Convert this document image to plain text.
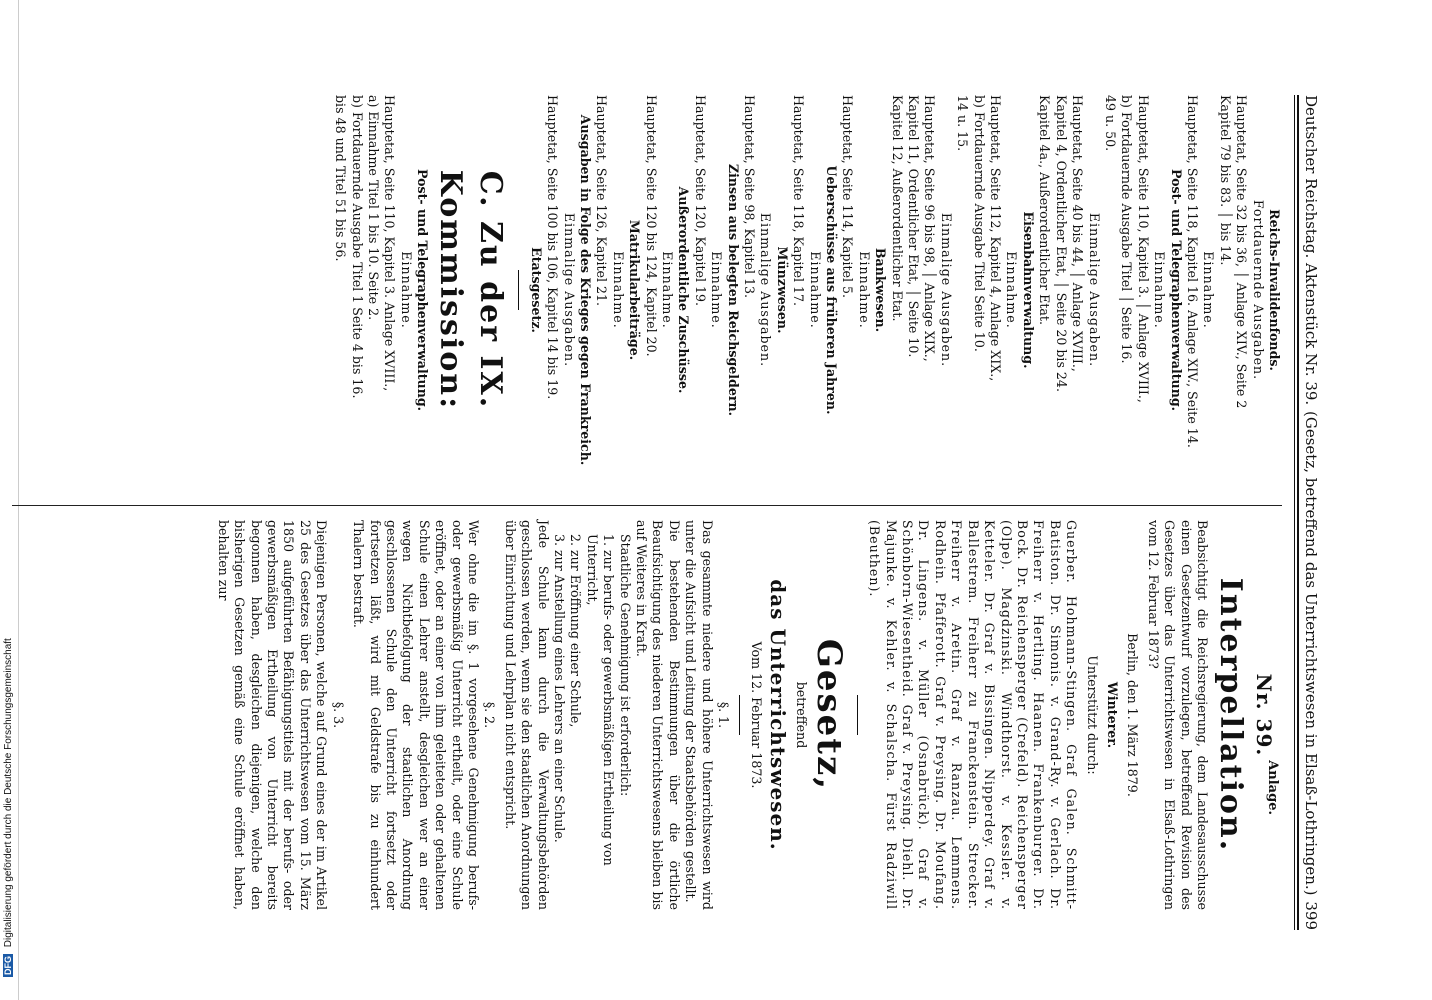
DFG Digitalisierung gefördert durch die Deutsche Forschungsgemeinschaft
Deutscher Reichstag. Aktenstück Nr. 39.
(Gesetz, betreffend das Unterrichtswesen in Elsaß-Lothringen.)
399
Reichs-Invalidenfonds.
Fortdauernde Ausgaben.
Hauptetat, Seite 32 bis 36, │ Anlage XIV., Seite 2
Kapitel 79 bis 83. │ bis 14.
Einnahme.
Hauptetat, Seite 118, Kapitel 16. Anlage XIV., Seite 14.
Post- und Telegraphenverwaltung.
Einnahme.
Hauptetat, Seite 110, Kapitel 3. │ Anlage XVIII.,
b) Fortdauernde Ausgabe Titel │ Seite 16.
49 u. 50.
Einmalige Ausgaben.
Hauptetat, Seite 40 bis 44, │ Anlage XVIII.,
Kapitel 4, Ordentlicher Etat, │ Seite 20 bis 24.
Kapitel 4a., Außerordentlicher Etat.
Eisenbahnverwaltung.
Einnahme.
Hauptetat, Seite 112, Kapitel 4, Anlage XIX.,
b) Fortdauernde Ausgabe Titel Seite 10.
14 u. 15.
Einmalige Ausgaben.
Hauptetat, Seite 96 bis 98, │ Anlage XIX.,
Kapitel 11, Ordentlicher Etat, │ Seite 10.
Kapitel 12, Außerordentlicher Etat.
Bankwesen.
Einnahme.
Hauptetat, Seite 114, Kapitel 5.
Ueberschüsse aus früheren Jahren.
Einnahme.
Hauptetat, Seite 118, Kapitel 17.
Münzwesen.
Einmalige Ausgaben.
Hauptetat, Seite 98, Kapitel 13.
Zinsen aus belegten Reichsgeldern.
Einnahme.
Hauptetat, Seite 120, Kapitel 19.
Außerordentliche Zuschüsse.
Einnahme.
Hauptetat, Seite 120 bis 124, Kapitel 20.
Matrikularbeiträge.
Einnahme.
Hauptetat, Seite 126, Kapitel 21.
Ausgaben in Folge des Krieges gegen Frankreich.
Einmalige Ausgaben.
Hauptetat, Seite 100 bis 106, Kapitel 14 bis 19.
Etatsgesetz.
C. Zu der IX. Kommission:
Post- und Telegraphenverwaltung.
Einnahme.
Hauptetat, Seite 110, Kapitel 3. Anlage XVIII.,
a) Einnahme Titel 1 bis 10. Seite 2.
b) Fortdauernde Ausgabe Titel 1 Seite 4 bis 16.
bis 48 und Titel 51 bis 56.
Anlage.
Nr. 39.
Interpellation.
Beabsichtigt die Reichsregierung, dem Landesausschusse einen Gesetzentwurf vorzulegen, betreffend Revision des Gesetzes über das Unterrichtswesen in Elsaß-Lothringen vom 12. Februar 1873?
Berlin, den 1. März 1879.
Winterer.
Unterstützt durch:
Guerber. Hohmann-Stingen. Graf Galen. Schmitt-Batiston. Dr. Simonis. v. Grand-Ry. v. Gerlach. Dr. Freiherr v. Hertling. Haanen. Frankenburger. Dr. Bock. Dr. Reichensperger (Crefeld). Reichensperger (Olpe). Magdzinski. Windthorst. v. Kessler. v. Ketteler. Dr. Graf v. Bissingen. Nipperdey. Graf v. Ballestrem. Freiherr zu Franckenstein. Strecker. Freiherr v. Aretin. Graf v. Ranzau. Lemmens. Rodhein. Pfafferott. Graf v. Preysing. Dr. Moufang. Dr. Lingens. v. Müller (Osnabrück). Graf v. Schönborn-Wiesentheid. Graf v. Preysing. Diehl. Dr. Majunke. v. Kehler. v. Schalscha. Fürst Radziwill (Beuthen).
Gesetz,
betreffend
das Unterrichtswesen.
Vom 12. Februar 1873.
§. 1.
Das gesammte niedere und höhere Unterrichtswesen wird unter die Aufsicht und Leitung der Staatsbehörden gestellt.
Die bestehenden Bestimmungen über die örtliche Beaufsichtigung des niederen Unterrichtswesens bleiben bis auf Weiteres in Kraft.
Staatliche Genehmigung ist erforderlich:
1. zur berufs- oder gewerbsmäßigen Ertheilung von Unterricht,
2. zur Eröffnung einer Schule,
3. zur Anstellung eines Lehrers an einer Schule.
Jede Schule kann durch die Verwaltungsbehörden geschlossen werden, wenn sie den staatlichen Anordnungen über Einrichtung und Lehrplan nicht entspricht.
§. 2.
Wer ohne die im §. 1 vorgesehene Genehmigung berufs- oder gewerbsmäßig Unterricht ertheilt, oder eine Schule eröffnet, oder an einer von ihm geleiteten oder gehaltenen Schule einen Lehrer anstellt, desgleichen wer an einer wegen Nichtbefolgung der staatlichen Anordnung geschlossenen Schule den Unterricht fortsetzt oder fortsetzen läßt, wird mit Geldstrafe bis zu einhundert Thalern bestraft.
§. 3.
Diejenigen Personen, welche auf Grund eines der im Artikel 25 des Gesetzes über das Unterrichtswesen vom 15. März 1850 aufgeführten Befähigungstitels mit der berufs- oder gewerbsmäßigen Ertheilung von Unterricht bereits begonnen haben, desgleichen diejenigen, welche den bisherigen Gesetzen gemäß eine Schule eröffnet haben, behalten zur
